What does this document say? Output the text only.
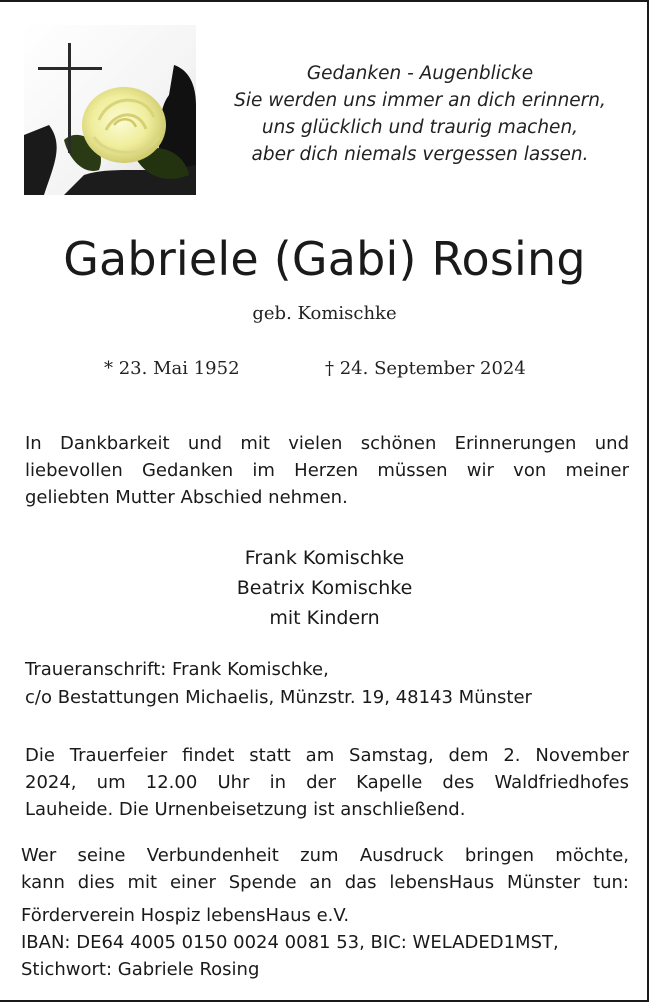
Gedanken - Augenblicke
Sie werden uns immer an dich erinnern,
uns glücklich und traurig machen,
aber dich niemals vergessen lassen.
Gabriele (Gabi) Rosing
geb. Komischke
* 23. Mai 1952	† 24. September 2024
In Dankbarkeit und mit vielen schönen Erinnerungen und
liebevollen Gedanken im Herzen müssen wir von meiner
geliebten Mutter Abschied nehmen.
Frank Komischke
Beatrix Komischke
mit Kindern
Traueranschrift: Frank Komischke,
c/o Bestattungen Michaelis, Münzstr. 19, 48143 Münster
Die Trauerfeier findet statt am Samstag, dem 2. November
2024, um 12.00 Uhr in der Kapelle des Waldfriedhofes
Lauheide. Die Urnenbeisetzung ist anschließend.
Wer seine Verbundenheit zum Ausdruck bringen möchte,
kann dies mit einer Spende an das lebensHaus Münster tun:
Förderverein Hospiz lebensHaus e.V.
IBAN: DE64 4005 0150 0024 0081 53, BIC: WELADED1MST,
Stichwort: Gabriele Rosing
